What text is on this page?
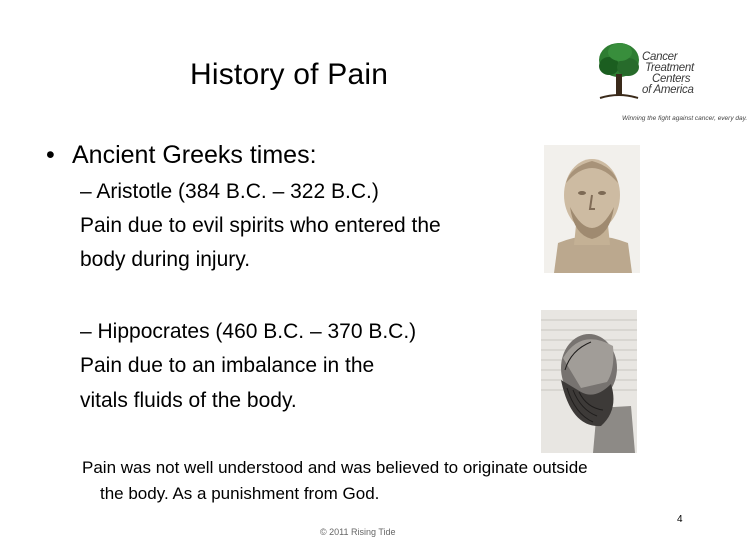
History of Pain
Cancer
Treatment
Centers
of America
Winning the fight against cancer, every day.
• Ancient Greeks times:
– Aristotle (384 B.C. – 322 B.C.)
Pain due to evil spirits who entered the
body during injury.
– Hippocrates (460 B.C. – 370 B.C.)
Pain due to an imbalance in the
vitals fluids of the body.
Pain was not well understood and was believed to originate outside
the body. As a punishment from God.
4
© 2011 Rising Tide
